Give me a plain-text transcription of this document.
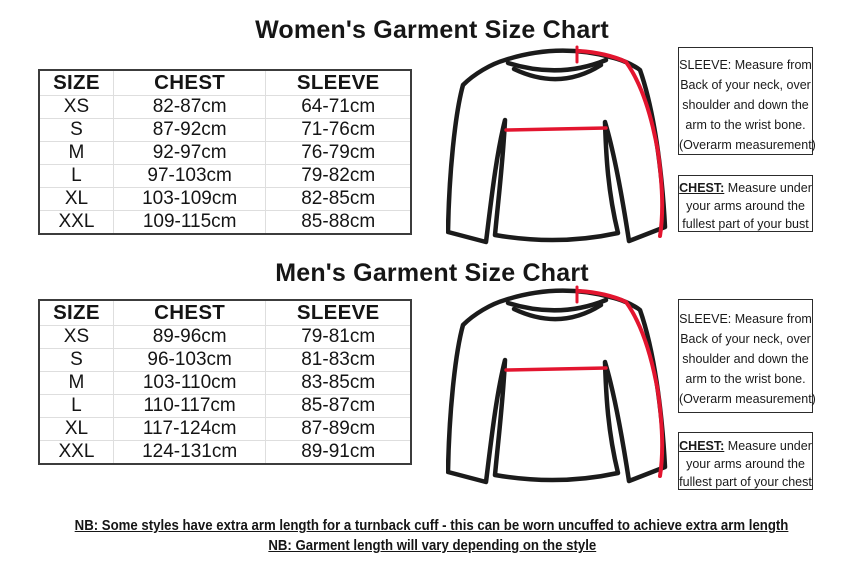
Women's Garment Size Chart
SIZE	CHEST	SLEEVE
XS	82-87cm	64-71cm
S	87-92cm	71-76cm
M	92-97cm	76-79cm
L	97-103cm	79-82cm
XL	103-109cm	82-85cm
XXL	109-115cm	85-88cm
SLEEVE: Measure from
Back of your neck, over
shoulder and down the
arm to the wrist bone.
(Overarm measurement)
CHEST: Measure under
your arms around the
fullest part of your bust
Men's Garment Size Chart
SIZE	CHEST	SLEEVE
XS	89-96cm	79-81cm
S	96-103cm	81-83cm
M	103-110cm	83-85cm
L	110-117cm	85-87cm
XL	117-124cm	87-89cm
XXL	124-131cm	89-91cm
SLEEVE: Measure from
Back of your neck, over
shoulder and down the
arm to the wrist bone.
(Overarm measurement)
CHEST: Measure under
your arms around the
fullest part of your chest
NB: Some styles have extra arm length for a turnback cuff - this can be worn uncuffed to achieve extra arm length
NB: Garment length will vary depending on the style
